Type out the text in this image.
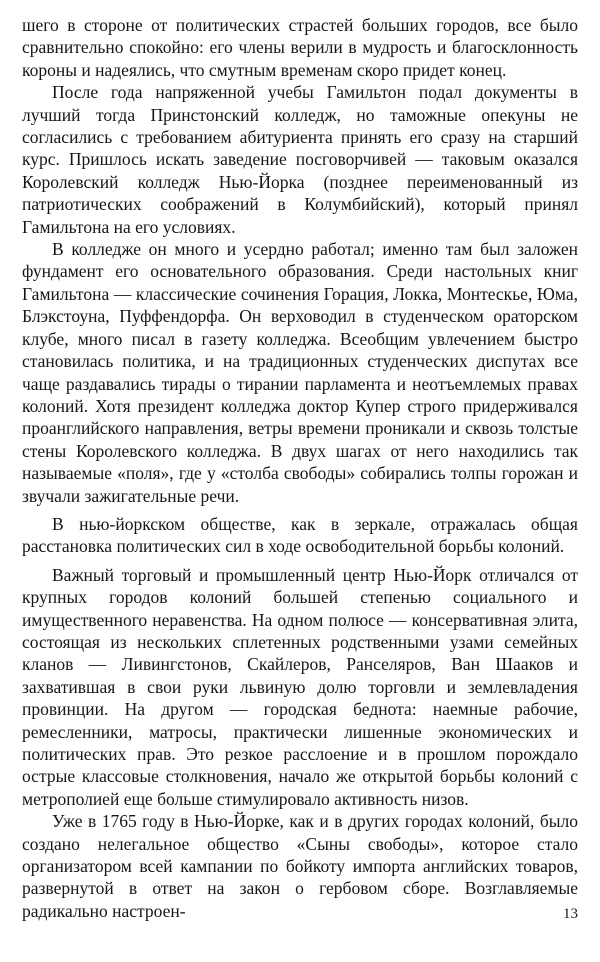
шего в стороне от политических страстей больших городов, все было сравнительно спокойно: его члены верили в мудрость и благосклонность короны и надеялись, что смутным временам скоро придет конец.

После года напряженной учебы Гамильтон подал документы в лучший тогда Принстонский колледж, но таможные опекуны не согласились с требованием абитуриента принять его сразу на старший курс. Пришлось искать заведение посговорчивей — таковым оказался Королевский колледж Нью-Йорка (позднее переименованный из патриотических соображений в Колумбийский), который принял Гамильтона на его условиях.

В колледже он много и усердно работал; именно там был заложен фундамент его основательного образования. Среди настольных книг Гамильтона — классические сочинения Горация, Локка, Монтескье, Юма, Блэкстоуна, Пуффендорфа. Он верховодил в студенческом ораторском клубе, много писал в газету колледжа. Всеобщим увлечением быстро становилась политика, и на традиционных студенческих диспутах все чаще раздавались тирады о тирании парламента и неотъемлемых правах колоний. Хотя президент колледжа доктор Купер строго придерживался проанглийского направления, ветры времени проникали и сквозь толстые стены Королевского колледжа. В двух шагах от него находились так называемые «поля», где у «столба свободы» собирались толпы горожан и звучали зажигательные речи.

В нью-йоркском обществе, как в зеркале, отражалась общая расстановка политических сил в ходе освободительной борьбы колоний.

Важный торговый и промышленный центр Нью-Йорк отличался от крупных городов колоний большей степенью социального и имущественного неравенства. На одном полюсе — консервативная элита, состоящая из нескольких сплетенных родственными узами семейных кланов — Ливингстонов, Скайлеров, Ранселяров, Ван Шааков и захватившая в свои руки львиную долю торговли и землевладения провинции. На другом — городская беднота: наемные рабочие, ремесленники, матросы, практически лишенные экономических и политических прав. Это резкое расслоение и в прошлом порождало острые классовые столкновения, начало же открытой борьбы колоний с метрополией еще больше стимулировало активность низов.

Уже в 1765 году в Нью-Йорке, как и в других городах колоний, было создано нелегальное общество «Сыны свободы», которое стало организатором всей кампании по бойкоту импорта английских товаров, развернутой в ответ на закон о гербовом сборе. Возглавляемые радикально настроен-	13
